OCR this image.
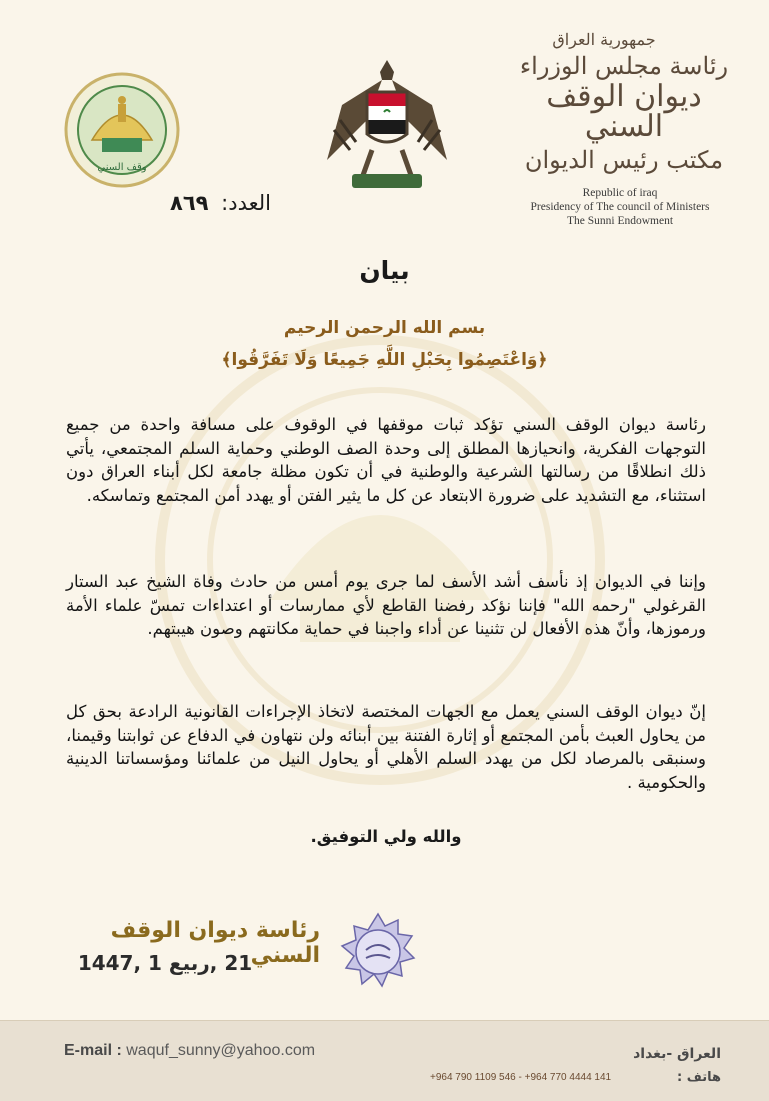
وقف السني
جمهورية العراق
رئاسة مجلس الوزراء
ديوان الوقف السني
مكتب رئيس الديوان
Republic of iraq
Presidency of The council of Ministers
The Sunni Endowment
العدد: ٨٦٩
بيان
بسم الله الرحمن الرحيم
﴿وَاعْتَصِمُوا بِحَبْلِ اللَّهِ جَمِيعًا وَلَا تَفَرَّقُوا﴾
رئاسة ديوان الوقف السني تؤكد ثبات موقفها في الوقوف على مسافة واحدة من جميع التوجهات الفكرية، وانحيازها المطلق إلى وحدة الصف الوطني وحماية السلم المجتمعي، يأتي ذلك انطلاقًا من رسالتها الشرعية والوطنية في أن تكون مظلة جامعة لكل أبناء العراق دون استثناء، مع التشديد على ضرورة الابتعاد عن كل ما يثير الفتن أو يهدد أمن المجتمع وتماسكه.
وإننا في الديوان إذ نأسف أشد الأسف لما جرى يوم أمس من حادث وفاة الشيخ عبد الستار القرغولي "رحمه الله" فإننا نؤكد رفضنا القاطع لأي ممارسات أو اعتداءات تمسّ علماء الأمة ورموزها، وأنّ هذه الأفعال لن تثنينا عن أداء واجبنا في حماية مكانتهم وصون هيبتهم.
إنّ ديوان الوقف السني يعمل مع الجهات المختصة لاتخاذ الإجراءات القانونية الرادعة بحق كل من يحاول العبث بأمن المجتمع أو إثارة الفتنة بين أبنائه ولن نتهاون في الدفاع عن ثوابتنا وقيمنا، وسنبقى بالمرصاد لكل من يهدد السلم الأهلي أو يحاول النيل من علمائنا ومؤسساتنا الدينية والحكومية .
والله ولي التوفيق.
رئاسة ديوان الوقف السني
21 ,ربيع 1 ,1447
E-mail : waquf_sunny@yahoo.com	العراق -بغداد
+964 790 1109 546 - +964 770 4444 141	هاتف :
